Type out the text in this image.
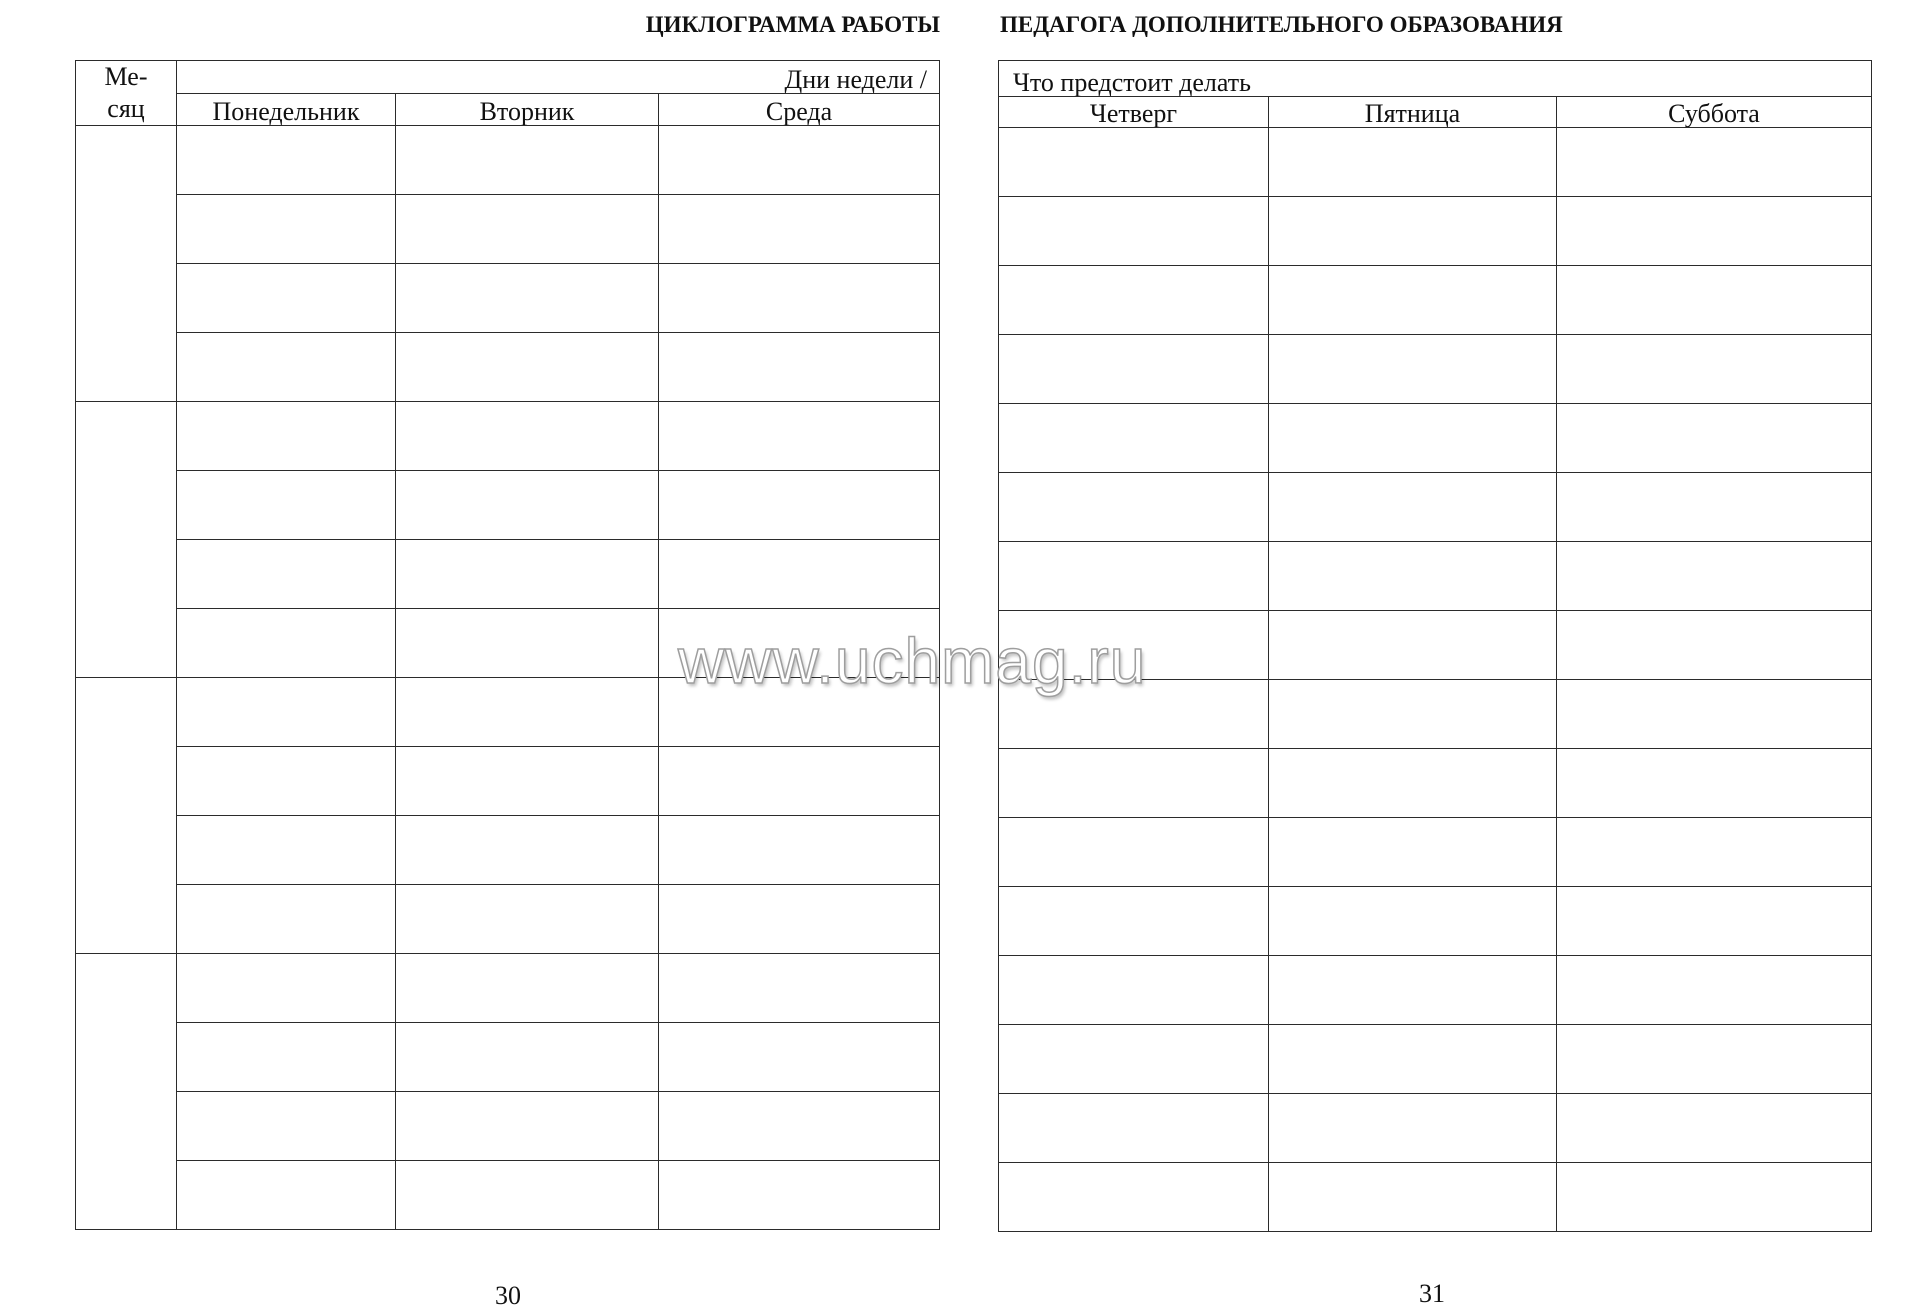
ЦИКЛОГРАММА РАБОТЫ	ПЕДАГОГА ДОПОЛНИТЕЛЬНОГО ОБРАЗОВАНИЯ
Ме-
сяц	Дни недели /		
	Понедельник	Вторник	Среда

Что предстоит делать		
Четверг	Пятница	Суббота

www.uchmag.ru
30	31
